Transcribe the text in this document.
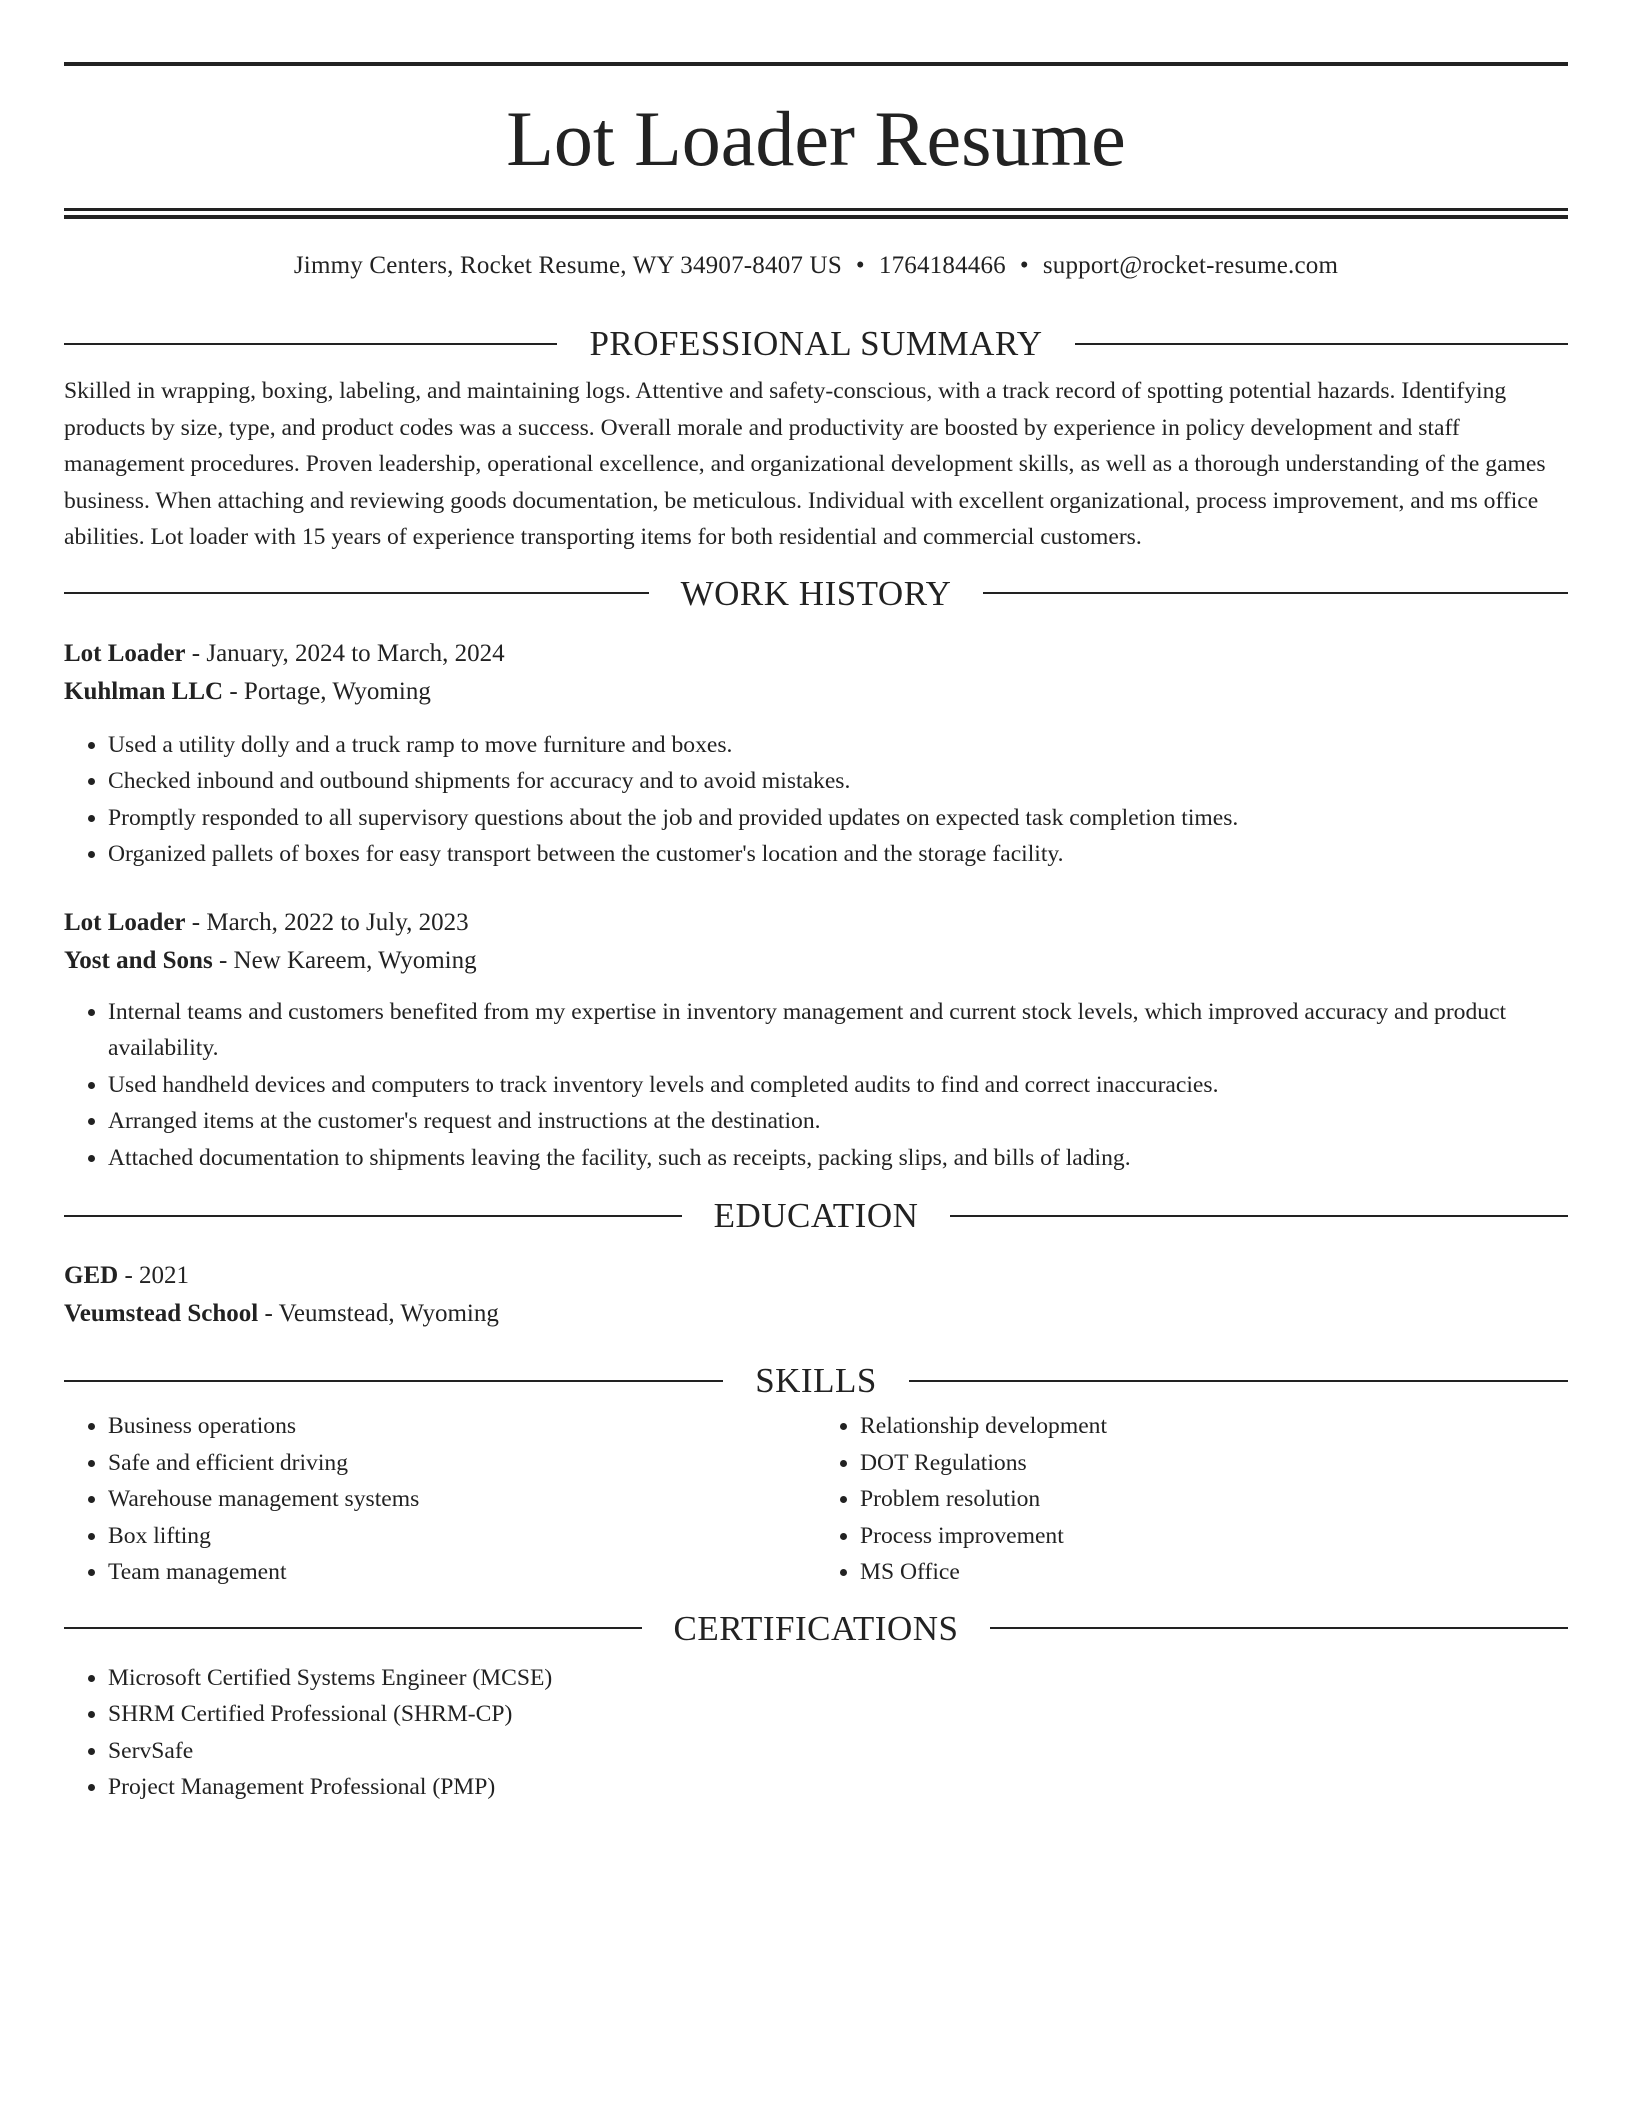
Lot Loader Resume
Jimmy Centers, Rocket Resume, WY 34907-8407 US • 1764184466 • support@rocket-resume.com
PROFESSIONAL SUMMARY
Skilled in wrapping, boxing, labeling, and maintaining logs. Attentive and safety-conscious, with a track record of spotting potential hazards. Identifying products by size, type, and product codes was a success. Overall morale and productivity are boosted by experience in policy development and staff management procedures. Proven leadership, operational excellence, and organizational development skills, as well as a thorough understanding of the games business. When attaching and reviewing goods documentation, be meticulous. Individual with excellent organizational, process improvement, and ms office abilities. Lot loader with 15 years of experience transporting items for both residential and commercial customers.
WORK HISTORY
Lot Loader - January, 2024 to March, 2024
Kuhlman LLC - Portage, Wyoming
• Used a utility dolly and a truck ramp to move furniture and boxes.
• Checked inbound and outbound shipments for accuracy and to avoid mistakes.
• Promptly responded to all supervisory questions about the job and provided updates on expected task completion times.
• Organized pallets of boxes for easy transport between the customer's location and the storage facility.
Lot Loader - March, 2022 to July, 2023
Yost and Sons - New Kareem, Wyoming
• Internal teams and customers benefited from my expertise in inventory management and current stock levels, which improved accuracy and product availability.
• Used handheld devices and computers to track inventory levels and completed audits to find and correct inaccuracies.
• Arranged items at the customer's request and instructions at the destination.
• Attached documentation to shipments leaving the facility, such as receipts, packing slips, and bills of lading.
EDUCATION
GED - 2021
Veumstead School - Veumstead, Wyoming
SKILLS
• Business operations
• Safe and efficient driving
• Warehouse management systems
• Box lifting
• Team management
• Relationship development
• DOT Regulations
• Problem resolution
• Process improvement
• MS Office
CERTIFICATIONS
• Microsoft Certified Systems Engineer (MCSE)
• SHRM Certified Professional (SHRM-CP)
• ServSafe
• Project Management Professional (PMP)
